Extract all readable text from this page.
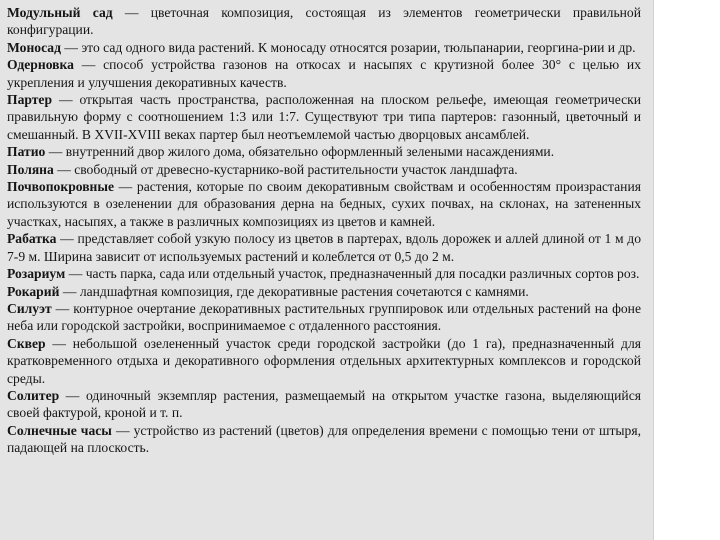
Модульный сад — цветочная композиция, состоящая из элементов геометрически правильной конфигурации.

Моносад — это сад одного вида растений. К моносаду относятся розарии, тюльпанарии, георгина-рии и др.

Одерновка — способ устройства газонов на откосах и насыпях с крутизной более 30° с целью их укрепления и улучшения декоративных качеств.

Партер — открытая часть пространства, расположенная на плоском рельефе, имеющая геометрически правильную форму с соотношением 1:3 или 1:7. Существуют три типа партеров: газонный, цветочный и смешанный. В XVII-XVIII веках партер был неотъемлемой частью дворцовых ансамблей.

Патио — внутренний двор жилого дома, обязательно оформленный зелеными насаждениями.

Поляна — свободный от древесно-кустарнико-вой растительности участок ландшафта.

Почвопокровные — растения, которые по своим декоративным свойствам и особенностям произрастания используются в озеленении для образования дерна на бедных, сухих почвах, на склонах, на затененных участках, насыпях, а также в различных композициях из цветов и камней.

Рабатка — представляет собой узкую полосу из цветов в партерах, вдоль дорожек и аллей длиной от 1 м до 7-9 м. Ширина зависит от используемых растений и колеблется от 0,5 до 2 м.

Розариум — часть парка, сада или отдельный участок, предназначенный для посадки различных сортов роз.

Рокарий — ландшафтная композиция, где декоративные растения сочетаются с камнями.

Силуэт — контурное очертание декоративных растительных группировок или отдельных растений на фоне неба или городской застройки, воспринимаемое с отдаленного расстояния.

Сквер — небольшой озелененный участок среди городской застройки (до 1 га), предназначенный для кратковременного отдыха и декоративного оформления отдельных архитектурных комплексов и городской среды.

Солитер — одиночный экземпляр растения, размещаемый на открытом участке газона, выделяющийся своей фактурой, кроной и т. п.

Солнечные часы — устройство из растений (цветов) для определения времени с помощью тени от штыря, падающей на плоскость.
